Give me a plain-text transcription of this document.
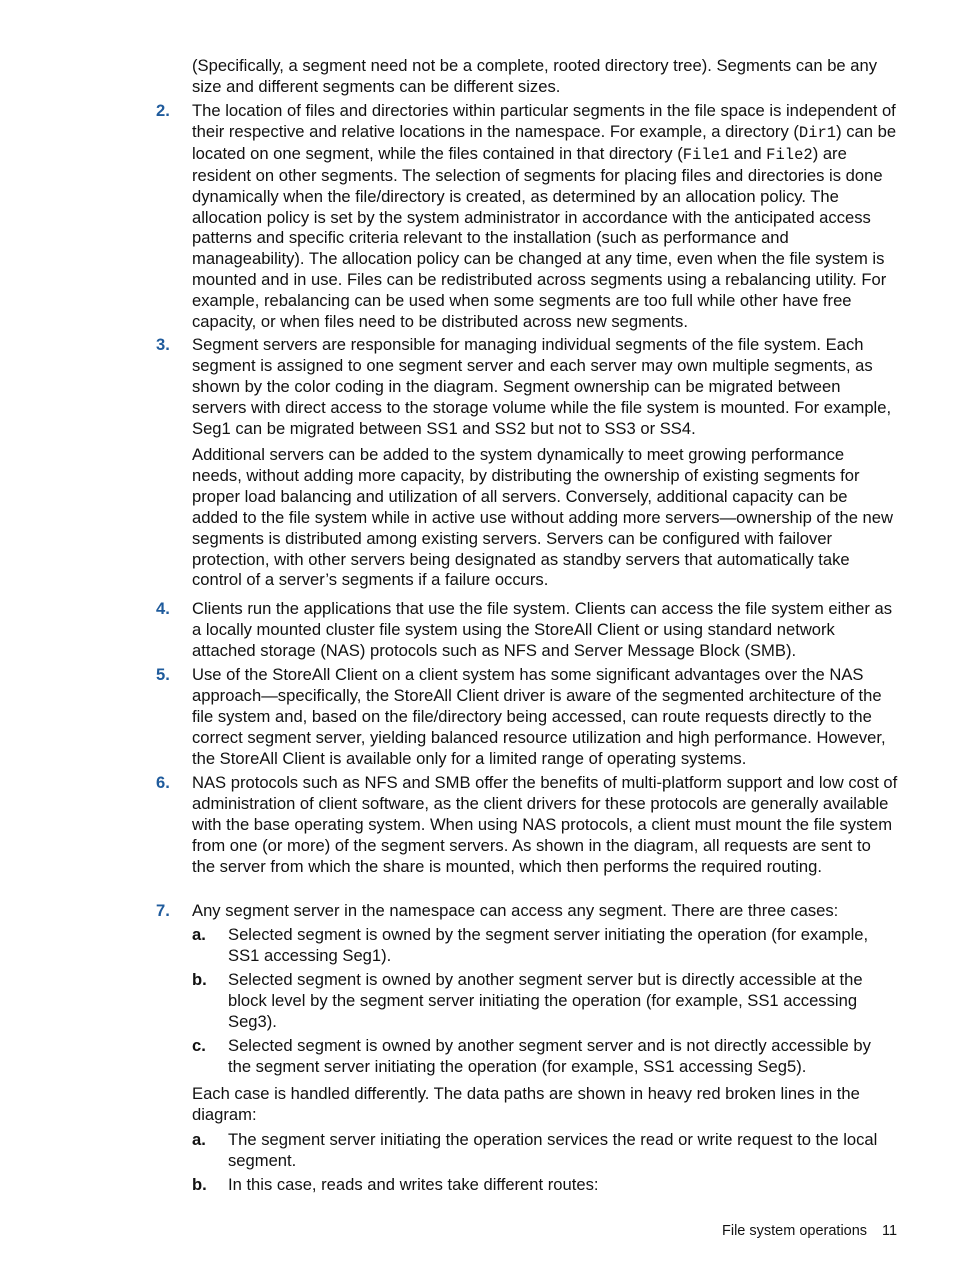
(Specifically, a segment need not be a complete, rooted directory tree). Segments can be any size and different segments can be different sizes.

2.	The location of files and directories within particular segments in the file space is independent of their respective and relative locations in the namespace. For example, a directory (Dir1) can be located on one segment, while the files contained in that directory (File1 and File2) are resident on other segments. The selection of segments for placing files and directories is done dynamically when the file/directory is created, as determined by an allocation policy. The allocation policy is set by the system administrator in accordance with the anticipated access patterns and specific criteria relevant to the installation (such as performance and manageability). The allocation policy can be changed at any time, even when the file system is mounted and in use. Files can be redistributed across segments using a rebalancing utility. For example, rebalancing can be used when some segments are too full while other have free capacity, or when files need to be distributed across new segments.

3.	Segment servers are responsible for managing individual segments of the file system. Each segment is assigned to one segment server and each server may own multiple segments, as shown by the color coding in the diagram. Segment ownership can be migrated between servers with direct access to the storage volume while the file system is mounted. For example, Seg1 can be migrated between SS1 and SS2 but not to SS3 or SS4.

Additional servers can be added to the system dynamically to meet growing performance needs, without adding more capacity, by distributing the ownership of existing segments for proper load balancing and utilization of all servers. Conversely, additional capacity can be added to the file system while in active use without adding more servers—ownership of the new segments is distributed among existing servers. Servers can be configured with failover protection, with other servers being designated as standby servers that automatically take control of a server’s segments if a failure occurs.

4.	Clients run the applications that use the file system. Clients can access the file system either as a locally mounted cluster file system using the StoreAll Client or using standard network attached storage (NAS) protocols such as NFS and Server Message Block (SMB).

5.	Use of the StoreAll Client on a client system has some significant advantages over the NAS approach—specifically, the StoreAll Client driver is aware of the segmented architecture of the file system and, based on the file/directory being accessed, can route requests directly to the correct segment server, yielding balanced resource utilization and high performance. However, the StoreAll Client is available only for a limited range of operating systems.

6.	NAS protocols such as NFS and SMB offer the benefits of multi-platform support and low cost of administration of client software, as the client drivers for these protocols are generally available with the base operating system. When using NAS protocols, a client must mount the file system from one (or more) of the segment servers. As shown in the diagram, all requests are sent to the server from which the share is mounted, which then performs the required routing.

7.	Any segment server in the namespace can access any segment. There are three cases:

a.	Selected segment is owned by the segment server initiating the operation (for example, SS1 accessing Seg1).

b.	Selected segment is owned by another segment server but is directly accessible at the block level by the segment server initiating the operation (for example, SS1 accessing Seg3).

c.	Selected segment is owned by another segment server and is not directly accessible by the segment server initiating the operation (for example, SS1 accessing Seg5).

Each case is handled differently. The data paths are shown in heavy red broken lines in the diagram:

a.	The segment server initiating the operation services the read or write request to the local segment.

b.	In this case, reads and writes take different routes:

File system operations 11
